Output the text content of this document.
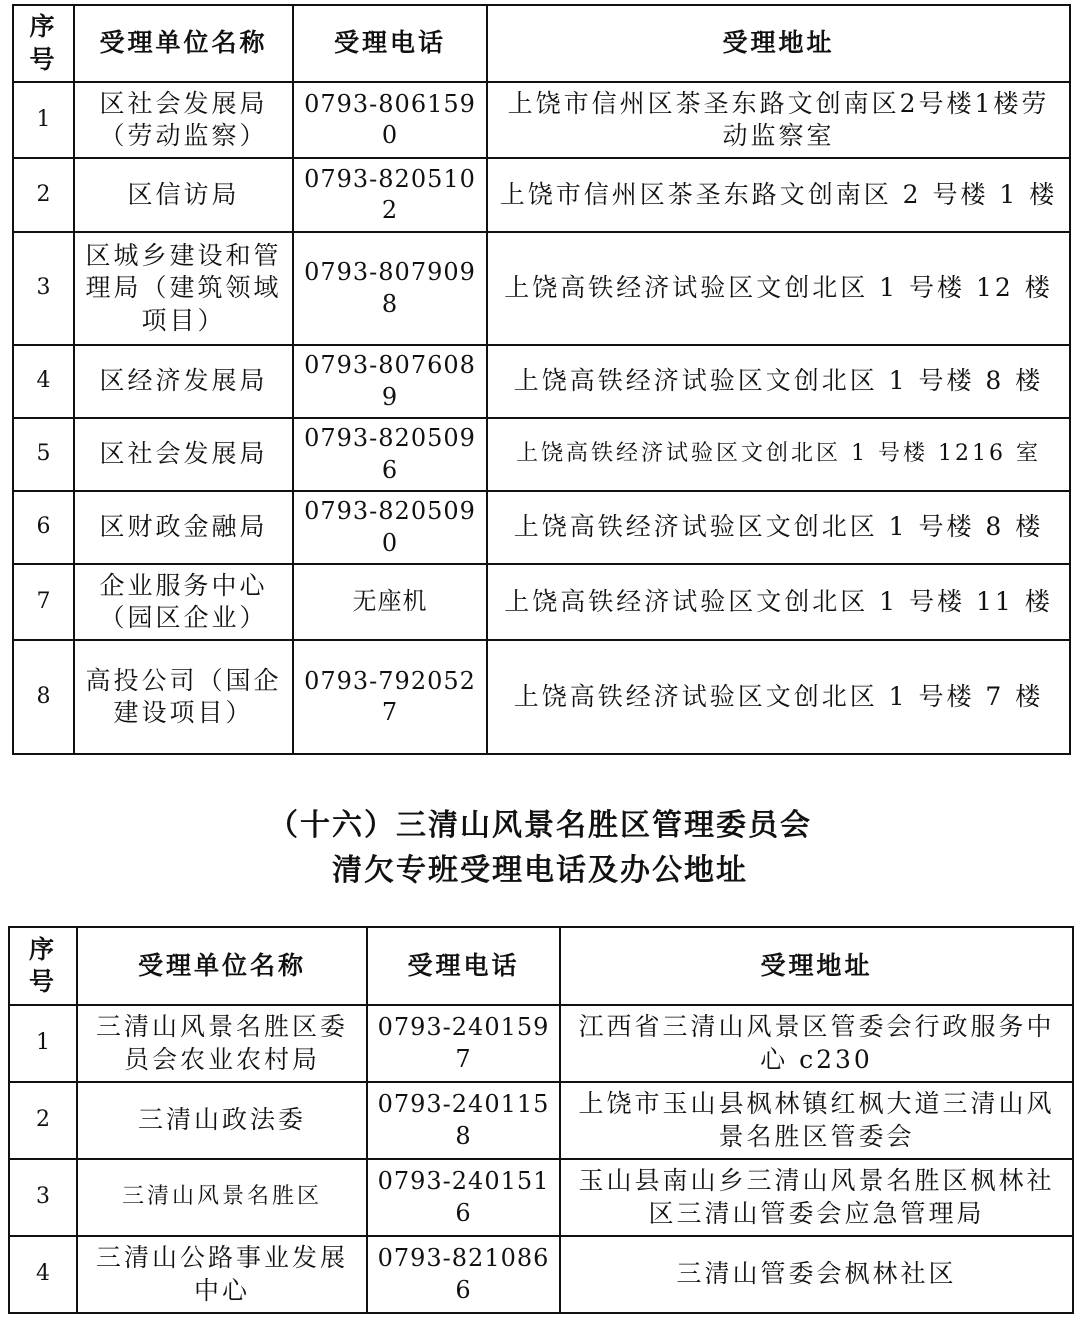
序号	受理单位名称	受理电话	受理地址
1	区社会发展局（劳动监察）	0793-8061590	上饶市信州区茶圣东路文创南区2号楼1楼劳动监察室
2	区信访局	0793-8205102	上饶市信州区茶圣东路文创南区 2 号楼 1 楼
3	区城乡建设和管理局（建筑领域项目）	0793-8079098	上饶高铁经济试验区文创北区 1 号楼 12 楼
4	区经济发展局	0793-8076089	上饶高铁经济试验区文创北区 1 号楼 8 楼
5	区社会发展局	0793-8205096	上饶高铁经济试验区文创北区 1 号楼 1216 室
6	区财政金融局	0793-8205090	上饶高铁经济试验区文创北区 1 号楼 8 楼
7	企业服务中心（园区企业）	无座机	上饶高铁经济试验区文创北区 1 号楼 11 楼
8	高投公司（国企建设项目）	0793-7920527	上饶高铁经济试验区文创北区 1 号楼 7 楼
（十六）三清山风景名胜区管理委员会
清欠专班受理电话及办公地址
序号	受理单位名称	受理电话	受理地址
1	三清山风景名胜区委员会农业农村局	0793-2401597	江西省三清山风景区管委会行政服务中心 c230
2	三清山政法委	0793-2401158	上饶市玉山县枫林镇红枫大道三清山风景名胜区管委会
3	三清山风景名胜区	0793-2401516	玉山县南山乡三清山风景名胜区枫林社区三清山管委会应急管理局
4	三清山公路事业发展中心	0793-8210866	三清山管委会枫林社区
